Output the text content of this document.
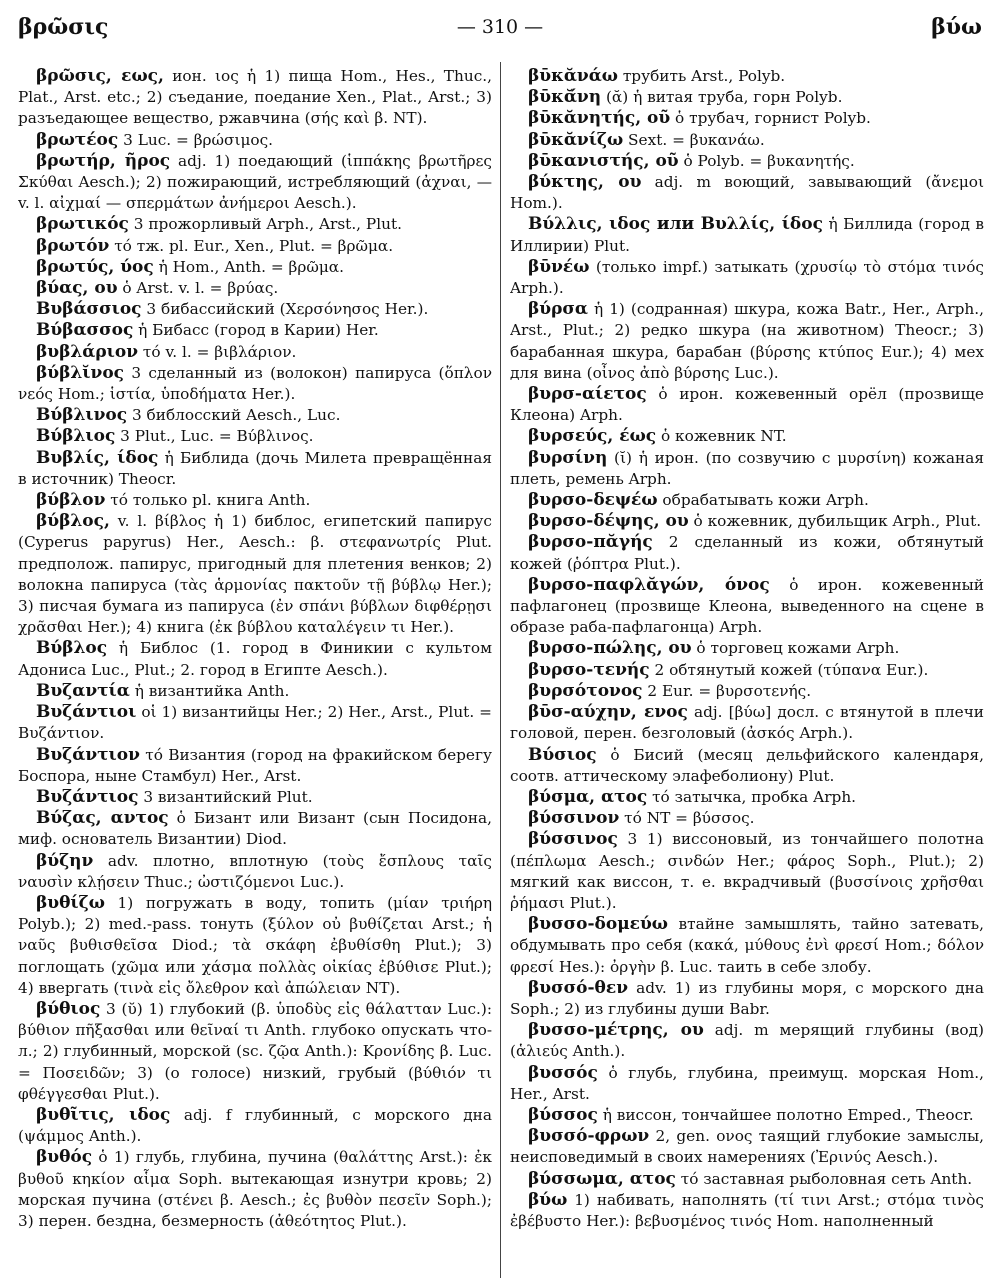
βρῶσις	— 310 —	βύω

βρῶσις, εως, ион. ιος ἡ 1) пища Hom., Hes., Thuc., Plat., Arst. etc.; 2) съедание, поедание Xen., Plat., Arst.; 3) разъедающее вещество, ржавчина (σής καὶ β. NT).

βρωτέος 3 Luc. = βρώσιμος.

βρωτήρ, ῆρος adj. 1) поедающий (ἱππάκης βρωτῆρες Σκύθαι Aesch.); 2) пожирающий, истребляющий (ἀχναι, — v. l. αἰχμαί — σπερμάτων ἀνήμεροι Aesch.).

βρωτικός 3 прожорливый Arph., Arst., Plut.

βρωτόν τό тж. pl. Eur., Xen., Plut. = βρῶμα.

βρωτύς, ύος ἡ Hom., Anth. = βρῶμα.

βύας, ου ὁ Arst. v. l. = βρύας.

Βυβάσσιος 3 бибассийский (Χερσόνησος Her.).

Βύβασσος ἡ Бибасс (город в Карии) Her.

βυβλάριον τό v. l. = βιβλάριον.

βύβλῐνος 3 сделанный из (волокон) папируса (ὅπλον νεός Hom.; ἱστία, ὑποδήματα Her.).

Βύβλινος 3 библосский Aesch., Luc.

Βύβλιος 3 Plut., Luc. = Βύβλινος.

Βυβλίς, ίδος ἡ Библида (дочь Милета превращённая в источник) Theocr.

βύβλον τό только pl. книга Anth.

βύβλος, v. l. βίβλος ἡ 1) библос, египетский папирус (Cyperus papyrus) Her., Aesch.: β. στεφανωτρίς Plut. предполож. папирус, пригодный для плетения венков; 2) волокна папируса (τὰς ἁρμονίας πακτοῦν τῇ βύβλῳ Her.); 3) писчая бумага из папируса (ἐν σπάνι βύβλων διφθέρῃσι χρᾶσθαι Her.); 4) книга (ἐκ βύβλου καταλέγειν τι Her.).

Βύβλος ἡ Библос (1. город в Финикии с культом Адониса Luc., Plut.; 2. город в Египте Aesch.).

Βυζαντία ἡ византийка Anth.

Βυζάντιοι οἱ 1) византийцы Her.; 2) Her., Arst., Plut. = Βυζάντιον.

Βυζάντιον τό Византия (город на фракийском берегу Боспора, ныне Стамбул) Her., Arst.

Βυζάντιος 3 византийский Plut.

Βύζας, αντος ὁ Бизант или Визант (сын Посидона, миф. основатель Византии) Diod.

βύζην adv. плотно, вплотную (τοὺς ἔσπλους ταῖς ναυσὶν κλῄσειν Thuc.; ὠστιζόμενοι Luc.).

βυθίζω 1) погружать в воду, топить (μίαν τριήρη Polyb.); 2) med.-pass. тонуть (ξύλον οὐ βυθίζεται Arst.; ἡ ναῦς βυθισθεῖσα Diod.; τὰ σκάφη ἐβυθίσθη Plut.); 3) поглощать (χῶμα или χάσμα πολλὰς οἰκίας ἐβύθισε Plut.); 4) ввергать (τινὰ εἰς ὄλεθρον καὶ ἀπώλειαν NT).

βύθιος 3 (ῠ) 1) глубокий (β. ὑποδὺς εἰς θάλατταν Luc.): βύθιον πῆξασθαι или θεῖναί τι Anth. глубоко опускать что-л.; 2) глубинный, морской (sc. ζῷα Anth.): Κρονίδης β. Luc. = Ποσειδῶν; 3) (о голосе) низкий, грубый (βύθιόν τι φθέγγεσθαι Plut.).

βυθῖτις, ιδος adj. f глубинный, с морского дна (ψάμμος Anth.).

βυθός ὁ 1) глубь, глубина, пучина (θαλάττης Arst.): ἐκ βυθοῦ κηκίον αἷμα Soph. вытекающая изнутри кровь; 2) морская пучина (στένει β. Aesch.; ἐς βυθὸν πεσεῖν Soph.); 3) перен. бездна, безмерность (ἀθεότητος Plut.).

βῡκᾰνάω трубить Arst., Polyb.

βῡκᾰ́νη (ᾰ) ἡ витая труба, горн Polyb.

βῡκᾰνητής, οῦ ὁ трубач, горнист Polyb.

βῡκᾰνίζω Sext. = βυκανάω.

βῡκανιστής, οῦ ὁ Polyb. = βυκανητής.

βύκτης, ου adj. m воющий, завывающий (ἄνεμοι Hom.).

Βύλλις, ιδος или Βυλλίς, ίδος ἡ Биллида (город в Иллирии) Plut.

βῡνέω (только impf.) затыкать (χρυσίῳ τὸ στόμα τινός Arph.).

βύρσα ἡ 1) (содранная) шкура, кожа Batr., Her., Arph., Arst., Plut.; 2) редко шкура (на животном) Theocr.; 3) барабанная шкура, барабан (βύρσης κτύπος Eur.); 4) мех для вина (οἶνος ἀπὸ βύρσης Luc.).

βυρσ-αίετος ὁ ирон. кожевенный орёл (прозвище Клеона) Arph.

βυρσεύς, έως ὁ кожевник NT.

βυρσίνη (ῐ) ἡ ирон. (по созвучию с μυρσίνη) кожаная плеть, ремень Arph.

βυρσο-δεψέω обрабатывать кожи Arph.

βυρσο-δέψης, ου ὁ кожевник, дубильщик Arph., Plut.

βυρσο-πᾰγής 2 сделанный из кожи, обтянутый кожей (ῥόπτρα Plut.).

βυρσο-παφλᾰγών, όνος ὁ ирон. кожевенный пафлагонец (прозвище Клеона, выведенного на сцене в образе раба-пафлагонца) Arph.

βυρσο-πώλης, ου ὁ торговец кожами Arph.

βυρσο-τενής 2 обтянутый кожей (τύπανα Eur.).

βυρσότονος 2 Eur. = βυρσοτενής.

βῡσ-αύχην, ενος adj. [βύω] досл. с втянутой в плечи головой, перен. безголовый (ἀσκός Arph.).

Βύσιος ὁ Бисий (месяц дельфийского календаря, соотв. аттическому элафеболиону) Plut.

βύσμα, ατος τό затычка, пробка Arph.

βύσσινον τό NT = βύσσος.

βύσσινος 3 1) виссоновый, из тончайшего полотна (πέπλωμα Aesch.; σινδών Her.; φάρος Soph., Plut.); 2) мягкий как виссон, т. е. вкрадчивый (βυσσίνοις χρῆσθαι ῥήμασι Plut.).

βυσσο-δομεύω втайне замышлять, тайно затевать, обдумывать про себя (κακά, μύθους ἐνὶ φρεσί Hom.; δόλον φρεσί Hes.): ὀργὴν β. Luc. таить в себе злобу.

βυσσό-θεν adv. 1) из глубины моря, с морского дна Soph.; 2) из глубины души Babr.

βυσσο-μέτρης, ου adj. m мерящий глубины (вод) (ἁλιεύς Anth.).

βυσσός ὁ глубь, глубина, преимущ. морская Hom., Her., Arst.

βύσσος ἡ виссон, тончайшее полотно Emped., Theocr.

βυσσό-φρων 2, gen. ονος таящий глубокие замыслы, неисповедимый в своих намерениях (Ἐρινύς Aesch.).

βύσσωμα, ατος τό заставная рыболовная сеть Anth.

βύω 1) набивать, наполнять (τί τινι Arst.; στόμα τινὸς ἐβέβυστο Her.): βεβυσμένος τινός Hom. наполненный
